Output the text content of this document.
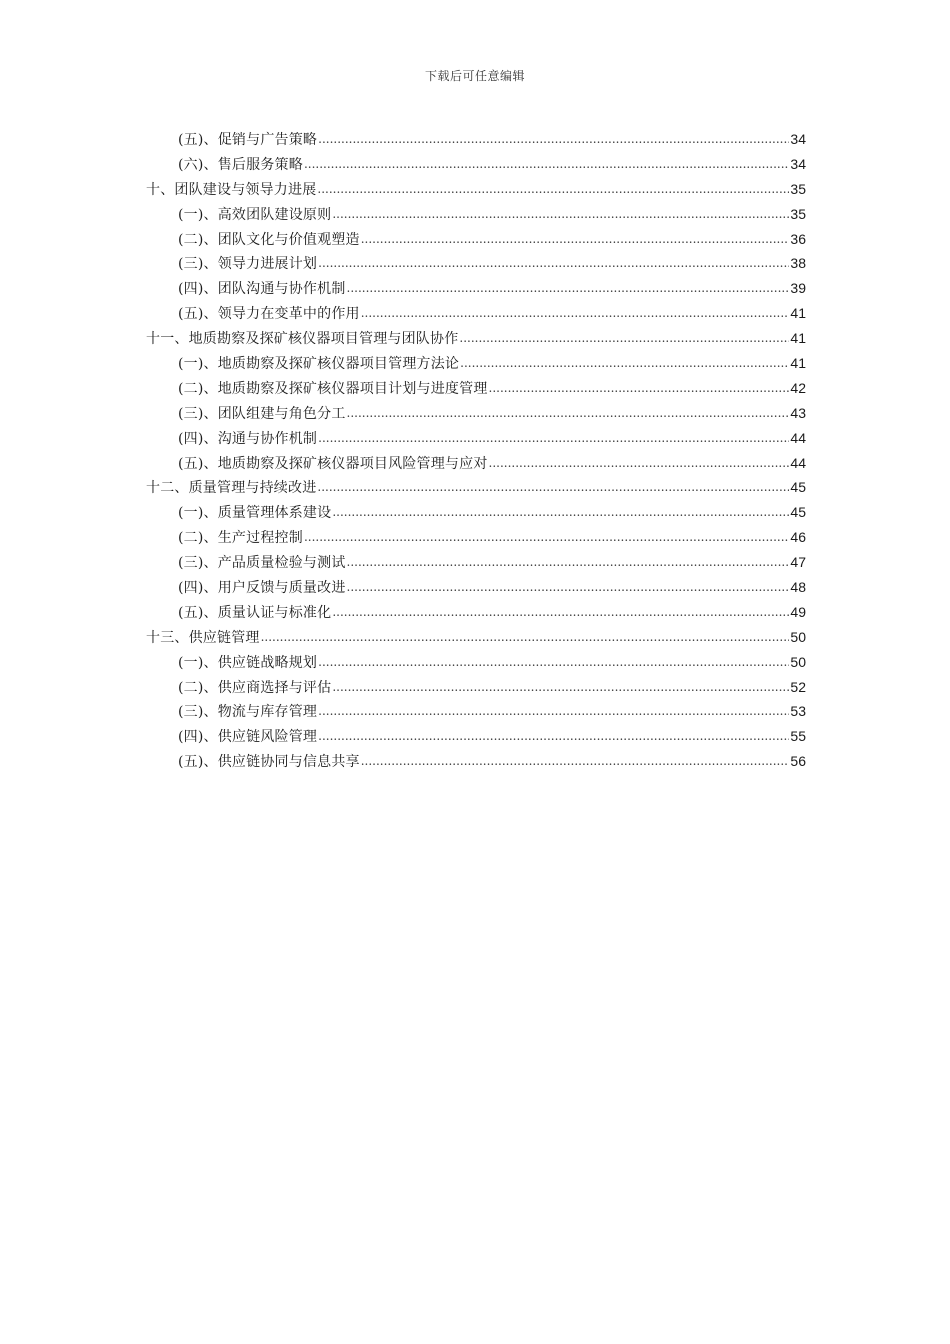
下载后可任意编辑
(五)、促销与广告策略 .....	34
(六)、售后服务策略 .....	34
十、团队建设与领导力进展 .....	35
(一)、高效团队建设原则 .....	35
(二)、团队文化与价值观塑造 .....	36
(三)、领导力进展计划 .....	38
(四)、团队沟通与协作机制 .....	39
(五)、领导力在变革中的作用 .....	41
十一、地质勘察及探矿核仪器项目管理与团队协作 .....	41
(一)、地质勘察及探矿核仪器项目管理方法论 .....	41
(二)、地质勘察及探矿核仪器项目计划与进度管理 .....	42
(三)、团队组建与角色分工 .....	43
(四)、沟通与协作机制 .....	44
(五)、地质勘察及探矿核仪器项目风险管理与应对 .....	44
十二、质量管理与持续改进 .....	45
(一)、质量管理体系建设 .....	45
(二)、生产过程控制 .....	46
(三)、产品质量检验与测试 .....	47
(四)、用户反馈与质量改进 .....	48
(五)、质量认证与标准化 .....	49
十三、供应链管理 .....	50
(一)、供应链战略规划 .....	50
(二)、供应商选择与评估 .....	52
(三)、物流与库存管理 .....	53
(四)、供应链风险管理 .....	55
(五)、供应链协同与信息共享 .....	56
